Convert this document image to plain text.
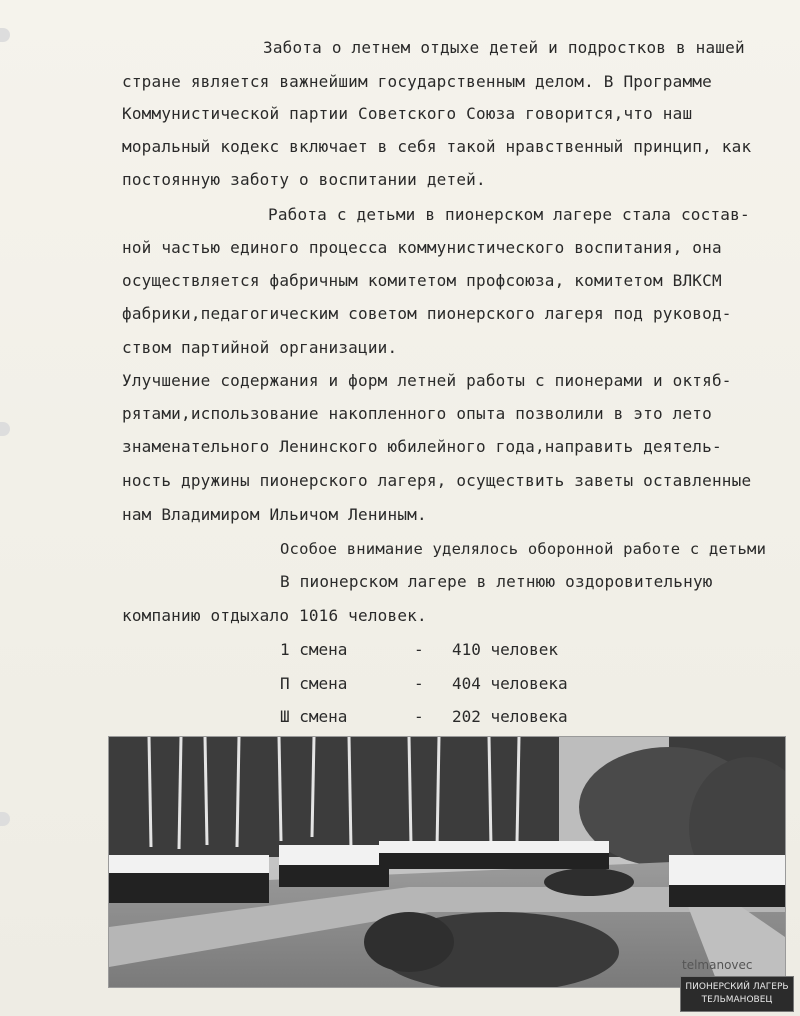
Забота о летнем отдыхе детей и подростков в нашей
стране является важнейшим государственным делом. В Программе
Коммунистической партии Советского Союза говорится,что наш
моральный кодекс включает в себя такой нравственный принцип, как
постоянную заботу о воспитании детей.
Работа с детьми в пионерском лагере стала состав-
ной частью единого процесса коммунистического воспитания, она
осуществляется фабричным комитетом профсоюза, комитетом ВЛКСМ
фабрики,педагогическим советом пионерского лагеря под руковод-
ством партийной организации.
Улучшение содержания и форм летней работы с пионерами и октяб-
рятами,использование накопленного опыта позволили в это лето
знаменательного Ленинского юбилейного года,направить деятель-
ность дружины пионерского лагеря, осуществить заветы оставленные
нам Владимиром Ильичом Лениным.
Особое внимание уделялось оборонной работе с детьми
В пионерском лагере в летнюю оздоровительную
компанию отдыхало 1016 человек.
1 смена	- 410 человек
П смена	- 404 человека
Ш смена	- 202 человека
telmanovec
ПИОНЕРСКИЙ ЛАГЕРЬ
ТЕЛЬМАНОВЕЦ
